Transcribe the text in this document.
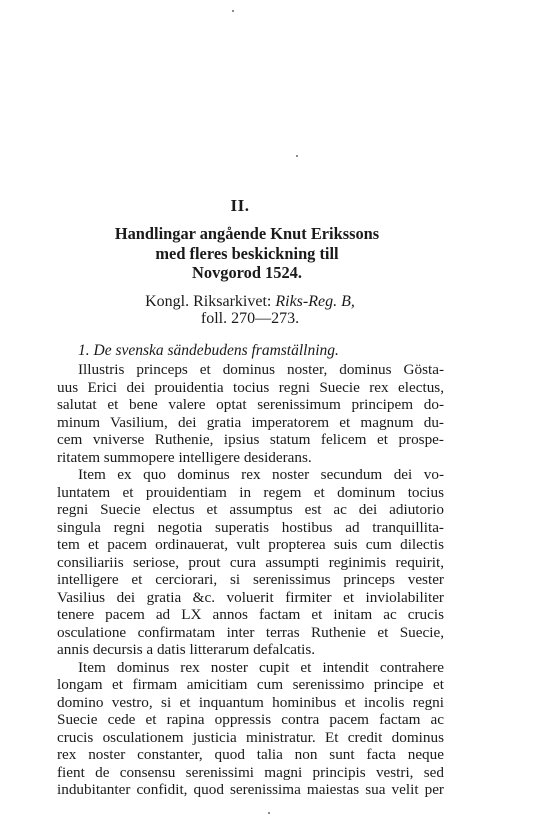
II.
Handlingar angående Knut Erikssons
med fleres beskickning till
Novgorod 1524.
Kongl. Riksarkivet: Riks-Reg. B,
foll. 270—273.
1. De svenska sändebudens framställning.
Illustris princeps et dominus noster, dominus Gösta-
uus Erici dei prouidentia tocius regni Suecie rex electus,
salutat et bene valere optat serenissimum principem do-
minum Vasilium, dei gratia imperatorem et magnum du-
cem vniverse Ruthenie, ipsius statum felicem et prospe-
ritatem summopere intelligere desiderans.
Item ex quo dominus rex noster secundum dei vo-
luntatem et prouidentiam in regem et dominum tocius
regni Suecie electus et assumptus est ac dei adiutorio
singula regni negotia superatis hostibus ad tranquillita-
tem et pacem ordinauerat, vult propterea suis cum dilectis
consiliariis seriose, prout cura assumpti reginimis requirit,
intelligere et cerciorari, si serenissimus princeps vester
Vasilius dei gratia &c. voluerit firmiter et inviolabiliter
tenere pacem ad LX annos factam et initam ac crucis
osculatione confirmatam inter terras Ruthenie et Suecie,
annis decursis a datis litterarum defalcatis.
Item dominus rex noster cupit et intendit contrahere
longam et firmam amicitiam cum serenissimo principe et
domino vestro, si et inquantum hominibus et incolis regni
Suecie cede et rapina oppressis contra pacem factam ac
crucis osculationem justicia ministratur. Et credit dominus
rex noster constanter, quod talia non sunt facta neque
fient de consensu serenissimi magni principis vestri, sed
indubitanter confidit, quod serenissima maiestas sua velit per
